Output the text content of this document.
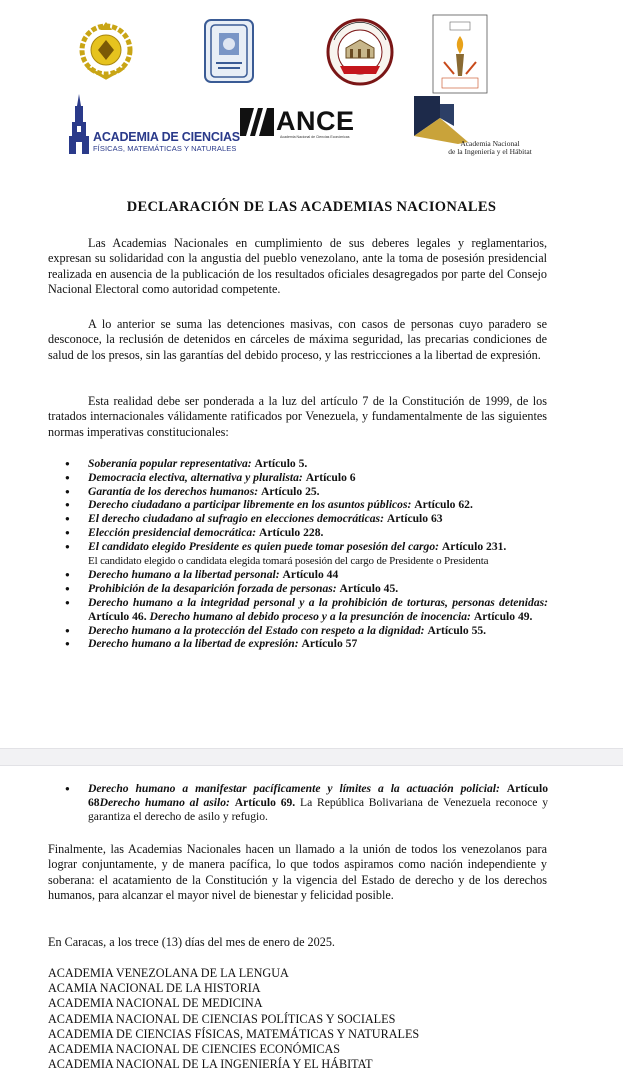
ACADEMIA DE CIENCIAS
FÍSICAS, MATEMÁTICAS Y NATURALES
ANCE
Academia Nacional de Ciencias Económicas
Academia Nacional
de la Ingeniería y el Hábitat
DECLARACIÓN DE LAS ACADEMIAS NACIONALES
Las Academias Nacionales en cumplimiento de sus deberes legales y reglamentarios, expresan su solidaridad con la angustia del pueblo venezolano, ante la toma de posesión presidencial realizada en ausencia de la publicación de los resultados oficiales desagregados por parte del Consejo Nacional Electoral como autoridad competente.
A lo anterior se suma las detenciones masivas, con casos de personas cuyo paradero se desconoce, la reclusión de detenidos en cárceles de máxima seguridad, las precarias condiciones de salud de los presos, sin las garantías del debido proceso, y las restricciones a la libertad de expresión.
Esta realidad debe ser ponderada a la luz del artículo 7 de la Constitución de 1999, de los tratados internacionales válidamente ratificados por Venezuela, y fundamentalmente de las siguientes normas imperativas constitucionales:
● Soberanía popular representativa: Artículo 5.
● Democracia electiva, alternativa y pluralista: Artículo 6
● Garantía de los derechos humanos: Artículo 25.
● Derecho ciudadano a participar libremente en los asuntos públicos: Artículo 62.
● El derecho ciudadano al sufragio en elecciones democráticas: Artículo 63
● Elección presidencial democrática: Artículo 228.
● El candidato elegido Presidente es quien puede tomar posesión del cargo: Artículo 231.
El candidato elegido o candidata elegida tomará posesión del cargo de Presidente o Presidenta
● Derecho humano a la libertad personal: Artículo 44
● Prohibición de la desaparición forzada de personas: Artículo 45.
● Derecho humano a la integridad personal y a la prohibición de torturas, personas detenidas: Artículo 46. Derecho humano al debido proceso y a la presunción de inocencia: Artículo 49.
● Derecho humano a la protección del Estado con respeto a la dignidad: Artículo 55.
● Derecho humano a la libertad de expresión: Artículo 57
● Derecho humano a manifestar pacíficamente y límites a la actuación policial: Artículo 68Derecho humano al asilo: Artículo 69. La República Bolivariana de Venezuela reconoce y garantiza el derecho de asilo y refugio.
Finalmente, las Academias Nacionales hacen un llamado a la unión de todos los venezolanos para lograr conjuntamente, y de manera pacífica, lo que todos aspiramos como nación independiente y soberana: el acatamiento de la Constitución y la vigencia del Estado de derecho y de los derechos humanos, para alcanzar el mayor nivel de bienestar y felicidad posible.
En Caracas, a los trece (13) días del mes de enero de 2025.
ACADEMIA VENEZOLANA DE LA LENGUA
ACAMIA NACIONAL DE LA HISTORIA
ACADEMIA NACIONAL DE MEDICINA
ACADEMIA NACIONAL DE CIENCIAS POLÍTICAS Y SOCIALES
ACADEMIA DE CIENCIAS FÍSICAS, MATEMÁTICAS Y NATURALES
ACADEMIA NACIONAL DE CIENCIES ECONÓMICAS
ACADEMIA NACIONAL DE LA INGENIERÍA Y EL HÁBITAT
